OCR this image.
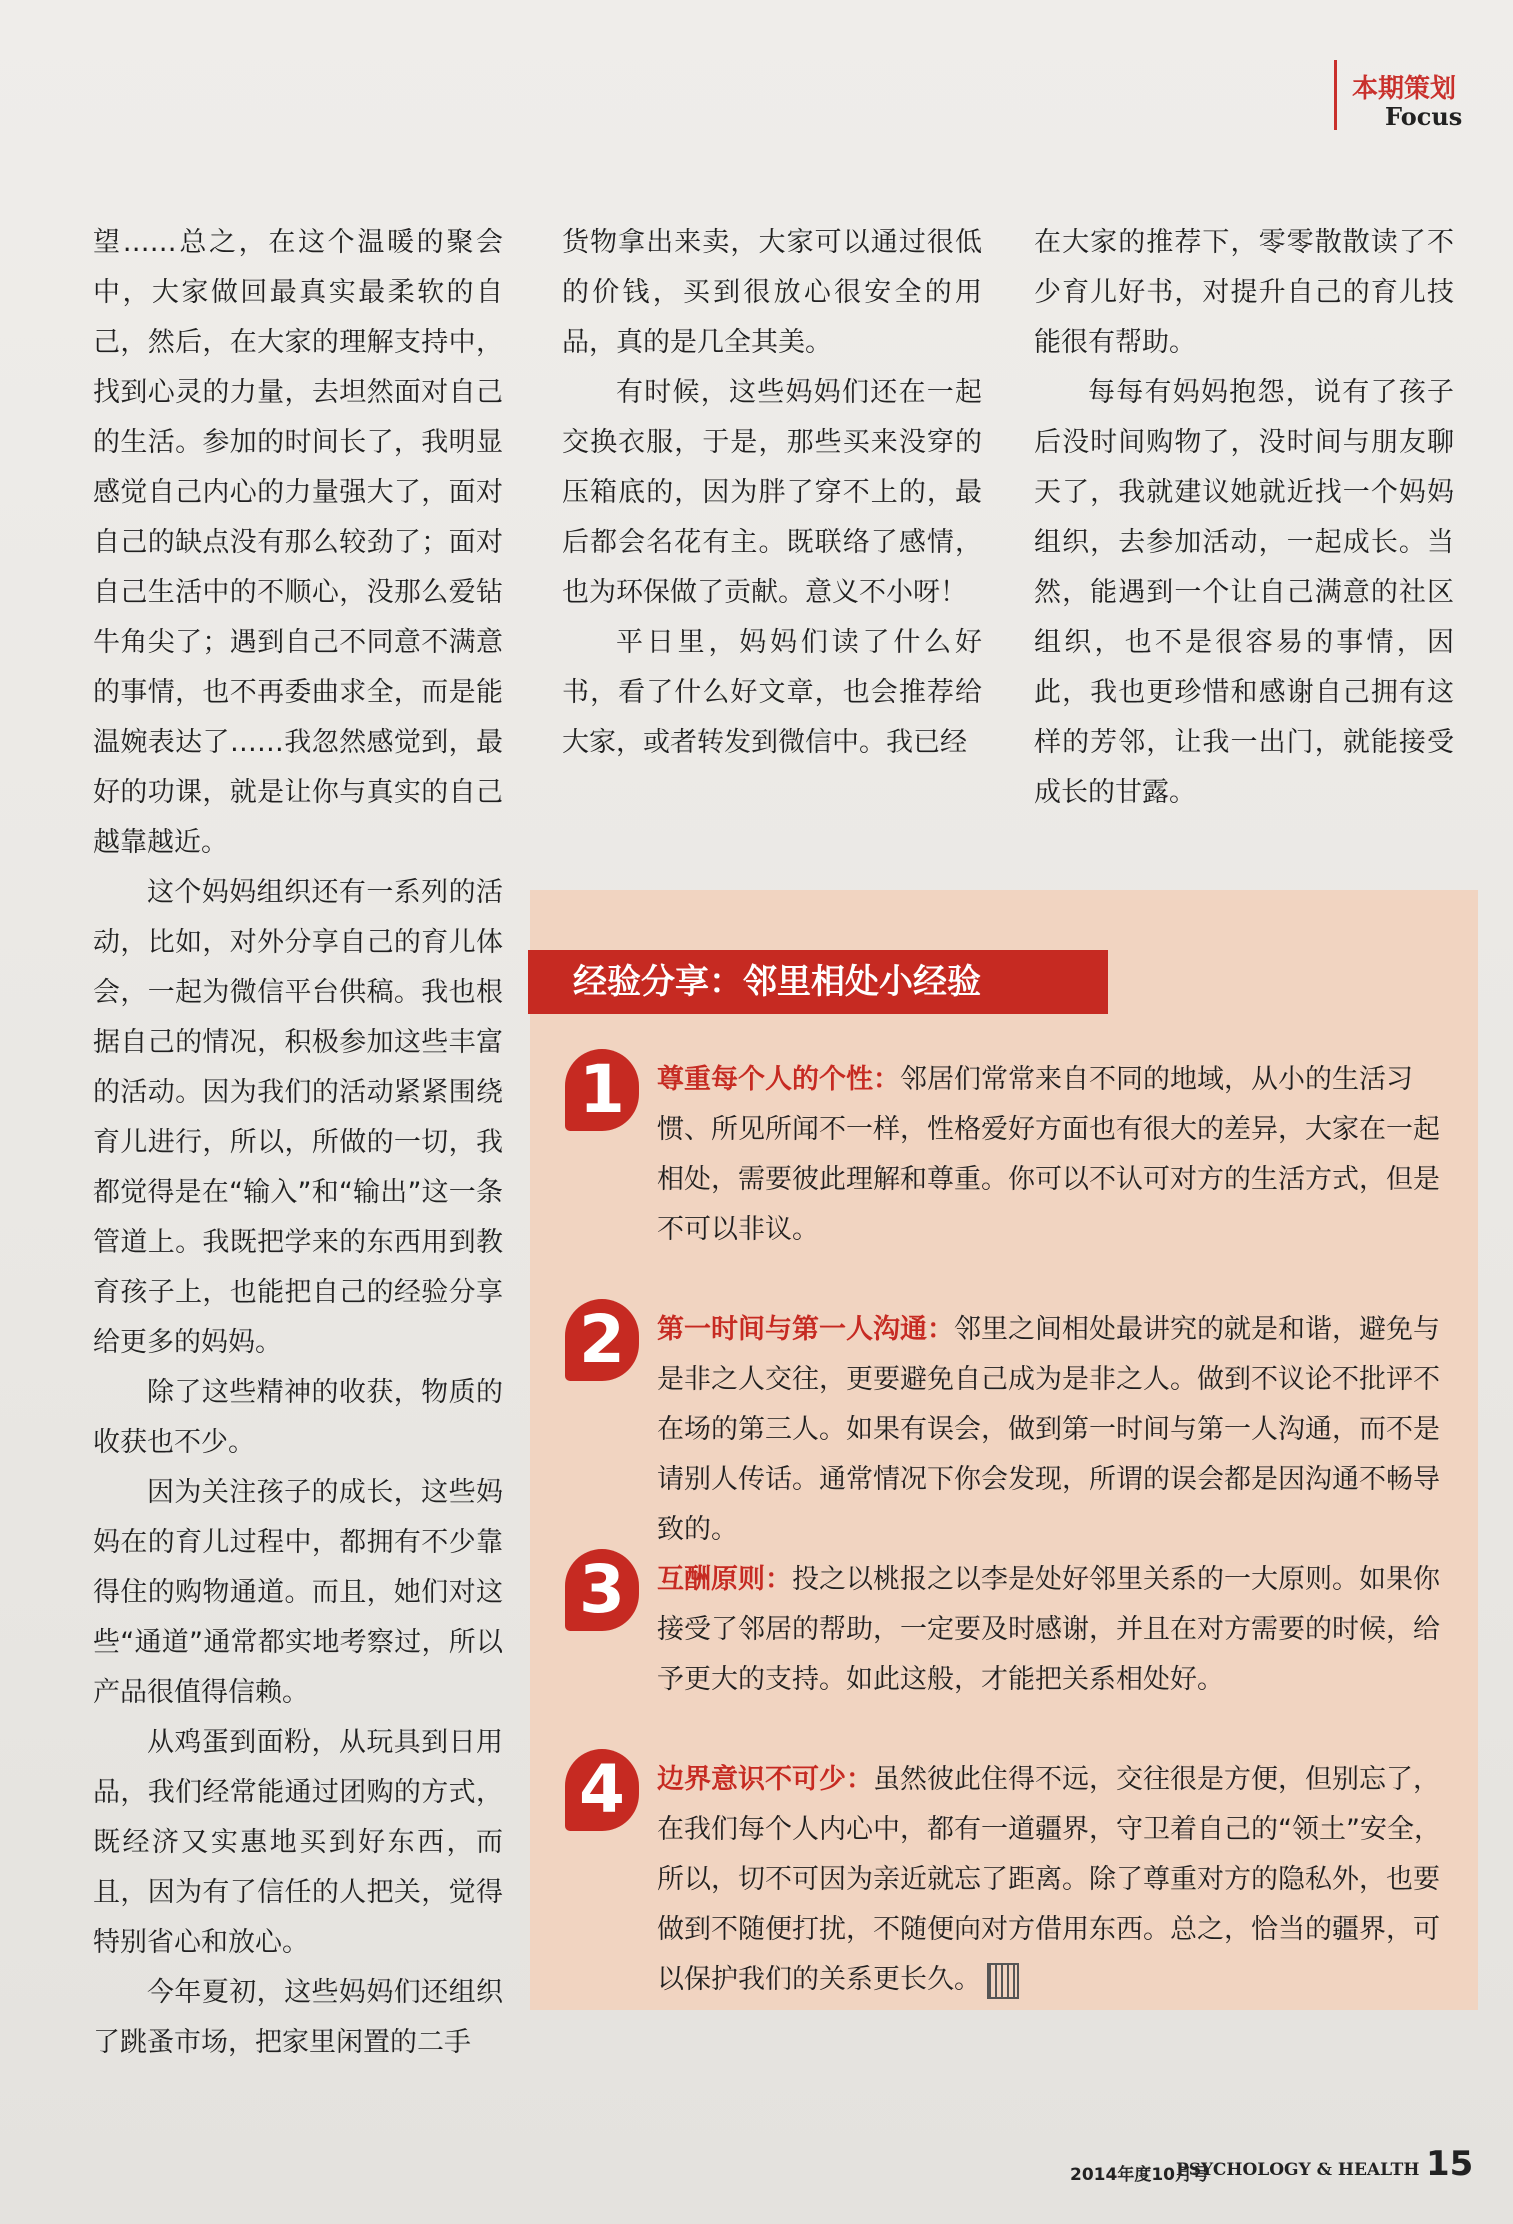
本期策划
Focus

望……总之，在这个温暖的聚会中，大家做回最真实最柔软的自己，然后，在大家的理解支持中，找到心灵的力量，去坦然面对自己的生活。参加的时间长了，我明显感觉自己内心的力量强大了，面对自己的缺点没有那么较劲了；面对自己生活中的不顺心，没那么爱钻牛角尖了；遇到自己不同意不满意的事情，也不再委曲求全，而是能温婉表达了……我忽然感觉到，最好的功课，就是让你与真实的自己越靠越近。

这个妈妈组织还有一系列的活动，比如，对外分享自己的育儿体会，一起为微信平台供稿。我也根据自己的情况，积极参加这些丰富的活动。因为我们的活动紧紧围绕育儿进行，所以，所做的一切，我都觉得是在“输入”和“输出”这一条管道上。我既把学来的东西用到教育孩子上，也能把自己的经验分享给更多的妈妈。

除了这些精神的收获，物质的收获也不少。

因为关注孩子的成长，这些妈妈在的育儿过程中，都拥有不少靠得住的购物通道。而且，她们对这些“通道”通常都实地考察过，所以产品很值得信赖。

从鸡蛋到面粉，从玩具到日用品，我们经常能通过团购的方式，既经济又实惠地买到好东西，而且，因为有了信任的人把关，觉得特别省心和放心。

今年夏初，这些妈妈们还组织了跳蚤市场，把家里闲置的二手

货物拿出来卖，大家可以通过很低的价钱，买到很放心很安全的用品，真的是几全其美。

有时候，这些妈妈们还在一起交换衣服，于是，那些买来没穿的压箱底的，因为胖了穿不上的，最后都会名花有主。既联络了感情，也为环保做了贡献。意义不小呀！

平日里，妈妈们读了什么好书，看了什么好文章，也会推荐给大家，或者转发到微信中。我已经

在大家的推荐下，零零散散读了不少育儿好书，对提升自己的育儿技能很有帮助。

每每有妈妈抱怨，说有了孩子后没时间购物了，没时间与朋友聊天了，我就建议她就近找一个妈妈组织，去参加活动，一起成长。当然，能遇到一个让自己满意的社区组织，也不是很容易的事情，因此，我也更珍惜和感谢自己拥有这样的芳邻，让我一出门，就能接受成长的甘露。

经验分享：邻里相处小经验
1	尊重每个人的个性：邻居们常常来自不同的地域，从小的生活习惯、所见所闻不一样，性格爱好方面也有很大的差异，大家在一起相处，需要彼此理解和尊重。你可以不认可对方的生活方式，但是不可以非议。
2	第一时间与第一人沟通：邻里之间相处最讲究的就是和谐，避免与是非之人交往，更要避免自己成为是非之人。做到不议论不批评不在场的第三人。如果有误会，做到第一时间与第一人沟通，而不是请别人传话。通常情况下你会发现，所谓的误会都是因沟通不畅导致的。
3	互酬原则：投之以桃报之以李是处好邻里关系的一大原则。如果你接受了邻居的帮助，一定要及时感谢，并且在对方需要的时候，给予更大的支持。如此这般，才能把关系相处好。
4	边界意识不可少：虽然彼此住得不远，交往很是方便，但别忘了，在我们每个人内心中，都有一道疆界，守卫着自己的“领土”安全，所以，切不可因为亲近就忘了距离。除了尊重对方的隐私外，也要做到不随便打扰，不随便向对方借用东西。总之，恰当的疆界，可以保护我们的关系更长久。
2014年度10月号
PSYCHOLOGY & HEALTH 15
